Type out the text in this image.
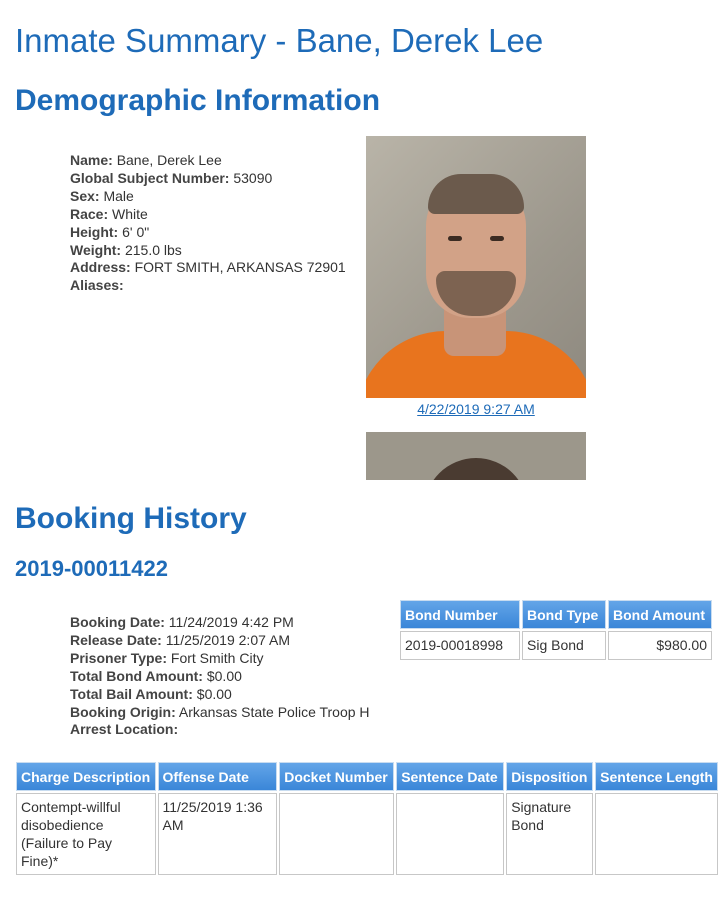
Inmate Summary - Bane, Derek Lee
Demographic Information
Name: Bane, Derek Lee
Global Subject Number: 53090
Sex: Male
Race: White
Height: 6' 0"
Weight: 215.0 lbs
Address: FORT SMITH, ARKANSAS 72901
Aliases:
4/22/2019 9:27 AM
Booking History
2019-00011422
Booking Date: 11/24/2019 4:42 PM
Release Date: 11/25/2019 2:07 AM
Prisoner Type: Fort Smith City
Total Bond Amount: $0.00
Total Bail Amount: $0.00
Booking Origin: Arkansas State Police Troop H
Arrest Location:
Bond Number	Bond Type	Bond Amount
2019-00018998	Sig Bond	$980.00
Charge Description	Offense Date	Docket Number	Sentence Date	Disposition	Sentence Length
Contempt-willful disobedience (Failure to Pay Fine)*	11/25/2019 1:36 AM			Signature Bond	
